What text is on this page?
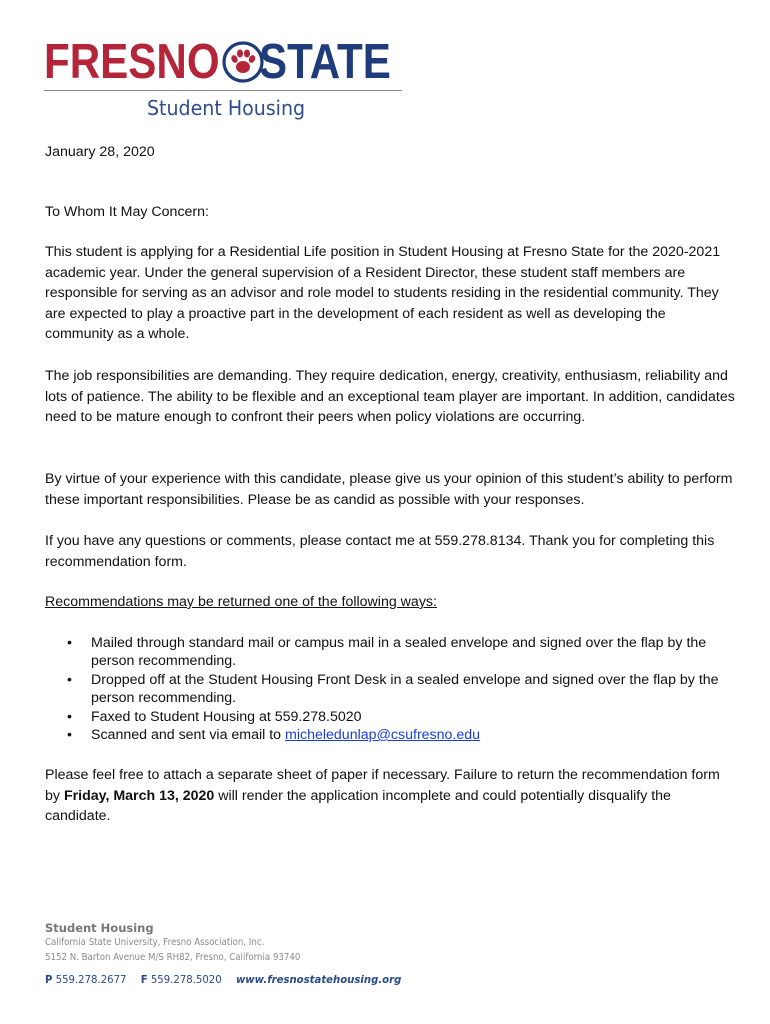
FRESNO STATE
Student Housing
January 28, 2020
To Whom It May Concern:
This student is applying for a Residential Life position in Student Housing at Fresno State for the 2020-2021 academic year. Under the general supervision of a Resident Director, these student staff members are responsible for serving as an advisor and role model to students residing in the residential community. They are expected to play a proactive part in the development of each resident as well as developing the community as a whole.
The job responsibilities are demanding. They require dedication, energy, creativity, enthusiasm, reliability and lots of patience. The ability to be flexible and an exceptional team player are important. In addition, candidates need to be mature enough to confront their peers when policy violations are occurring.
By virtue of your experience with this candidate, please give us your opinion of this student’s ability to perform these important responsibilities. Please be as candid as possible with your responses.
If you have any questions or comments, please contact me at 559.278.8134. Thank you for completing this recommendation form.
Recommendations may be returned one of the following ways:
• Mailed through standard mail or campus mail in a sealed envelope and signed over the flap by the person recommending.
• Dropped off at the Student Housing Front Desk in a sealed envelope and signed over the flap by the person recommending.
• Faxed to Student Housing at 559.278.5020
• Scanned and sent via email to micheledunlap@csufresno.edu
Please feel free to attach a separate sheet of paper if necessary. Failure to return the recommendation form by Friday, March 13, 2020 will render the application incomplete and could potentially disqualify the candidate.
Student Housing
California State University, Fresno Association, Inc.
5152 N. Barton Avenue M/S RH82, Fresno, California 93740
P 559.278.2677 F 559.278.5020 www.fresnostatehousing.org
